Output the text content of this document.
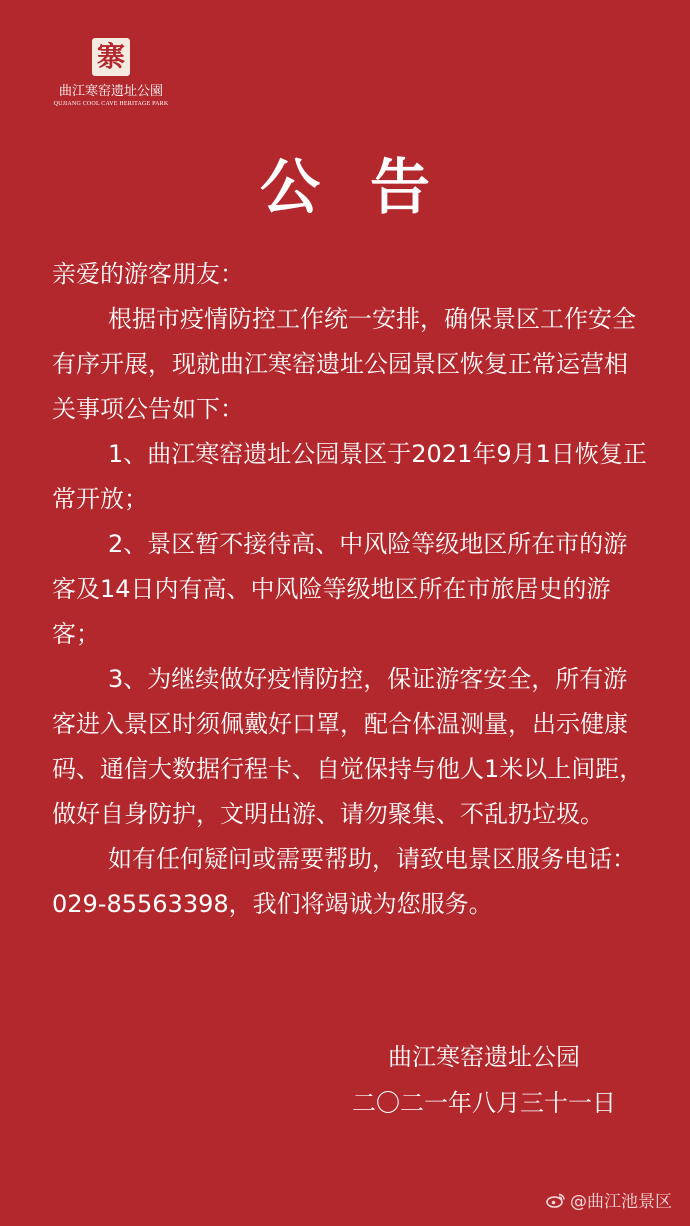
寨
曲江寒窑遗址公園
QUJIANG COOL CAVE HERITAGE PARK
公 告

亲爱的游客朋友：

根据市疫情防控工作统一安排，确保景区工作安全有序开展，现就曲江寒窑遗址公园景区恢复正常运营相关事项公告如下：

1、曲江寒窑遗址公园景区于2021年9月1日恢复正常开放；

2、景区暂不接待高、中风险等级地区所在市的游客及14日内有高、中风险等级地区所在市旅居史的游客；

3、为继续做好疫情防控，保证游客安全，所有游客进入景区时须佩戴好口罩，配合体温测量，出示健康码、通信大数据行程卡、自觉保持与他人1米以上间距，做好自身防护，文明出游、请勿聚集、不乱扔垃圾。

如有任何疑问或需要帮助，请致电景区服务电话：029-85563398，我们将竭诚为您服务。

曲江寒窑遗址公园
二〇二一年八月三十一日
@曲江池景区
